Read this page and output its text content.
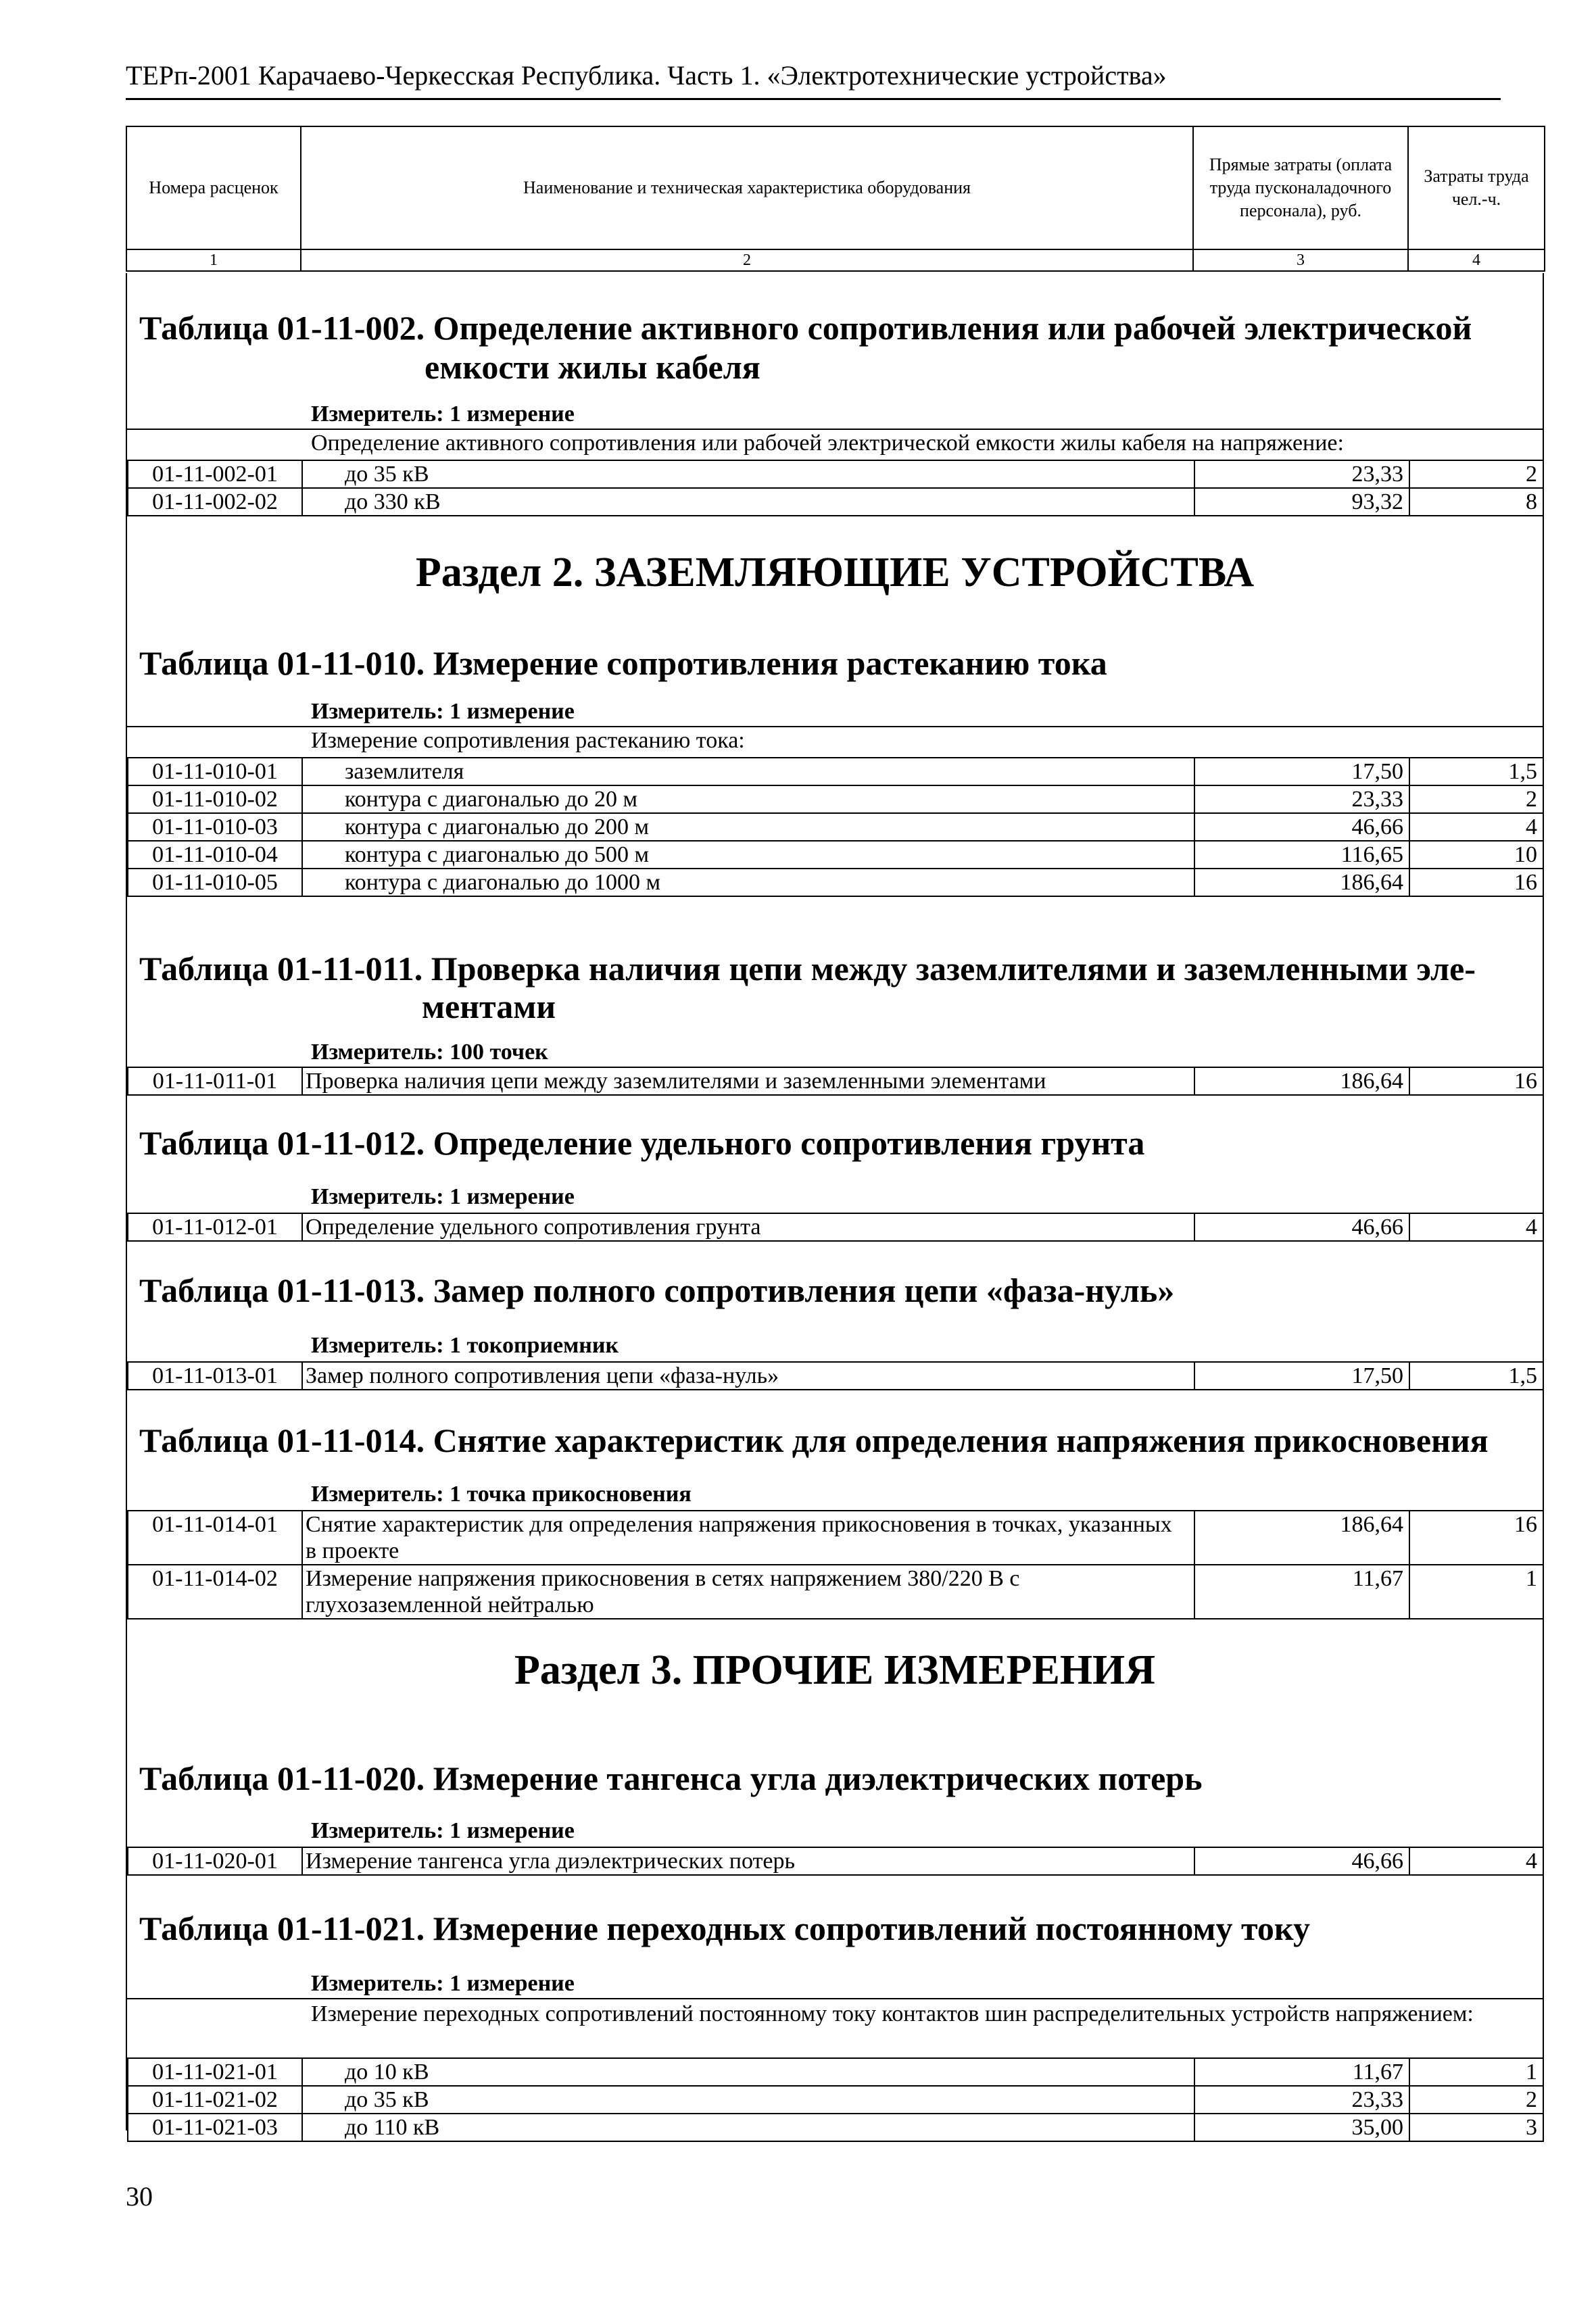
ТЕРп-2001 Карачаево-Черкесская Республика. Часть 1. «Электротехнические устройства»
Номера расценок	Наименование и техническая характеристика оборудования	Прямые затраты (оплата труда пусконаладочного персонала), руб.	Затраты труда чел.-ч.
1	2	3	4
Таблица 01-11-002. Определение активного сопротивления или рабочей электрической
емкости жилы кабеля
Измеритель: 1 измерение
Определение активного сопротивления или рабочей электрической емкости жилы кабеля на напряжение:
01-11-002-01	до 35 кВ	23,33	2
01-11-002-02	до 330 кВ	93,32	8
Раздел 2. ЗАЗЕМЛЯЮЩИЕ УСТРОЙСТВА
Таблица 01-11-010. Измерение сопротивления растеканию тока
Измеритель: 1 измерение
Измерение сопротивления растеканию тока:
01-11-010-01	заземлителя	17,50	1,5
01-11-010-02	контура с диагональю до 20 м	23,33	2
01-11-010-03	контура с диагональю до 200 м	46,66	4
01-11-010-04	контура с диагональю до 500 м	116,65	10
01-11-010-05	контура с диагональю до 1000 м	186,64	16
Таблица 01-11-011. Проверка наличия цепи между заземлителями и заземленными эле-
ментами
Измеритель: 100 точек
01-11-011-01	Проверка наличия цепи между заземлителями и заземленными элементами	186,64	16
Таблица 01-11-012. Определение удельного сопротивления грунта
Измеритель: 1 измерение
01-11-012-01	Определение удельного сопротивления грунта	46,66	4
Таблица 01-11-013. Замер полного сопротивления цепи «фаза-нуль»
Измеритель: 1 токоприемник
01-11-013-01	Замер полного сопротивления цепи «фаза-нуль»	17,50	1,5
Таблица 01-11-014. Снятие характеристик для определения напряжения прикосновения
Измеритель: 1 точка прикосновения
01-11-014-01	Снятие характеристик для определения напряжения прикосновения в точках, указанных в проекте	186,64	16
01-11-014-02	Измерение напряжения прикосновения в сетях напряжением 380/220 В с глухозаземленной нейтралью	11,67	1
Раздел 3. ПРОЧИЕ ИЗМЕРЕНИЯ
Таблица 01-11-020. Измерение тангенса угла диэлектрических потерь
Измеритель: 1 измерение
01-11-020-01	Измерение тангенса угла диэлектрических потерь	46,66	4
Таблица 01-11-021. Измерение переходных сопротивлений постоянному току
Измеритель: 1 измерение
Измерение переходных сопротивлений постоянному току контактов шин распределительных устройств напряжением:
01-11-021-01	до 10 кВ	11,67	1
01-11-021-02	до 35 кВ	23,33	2
01-11-021-03	до 110 кВ	35,00	3
30
